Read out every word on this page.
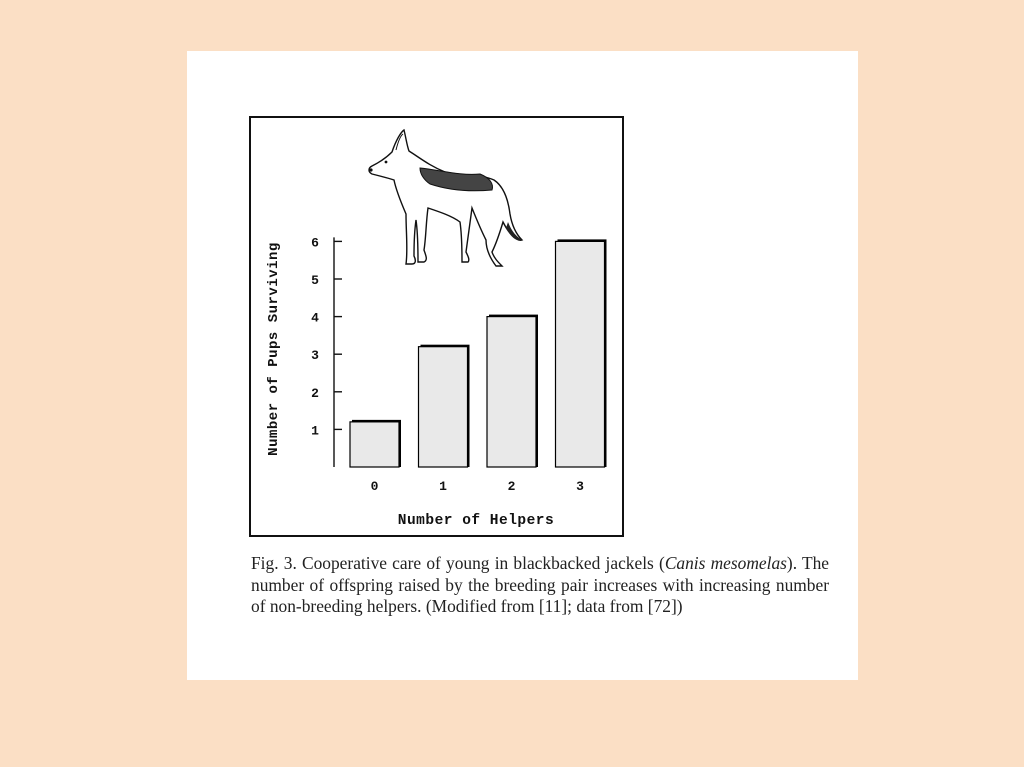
1
2
3
4
5
6
0	1	2	3
Number of Helpers
Number of Pups Surviving
Fig. 3. Cooperative care of young in blackbacked jackels (Canis mesomelas). The number of offspring raised by the breeding pair increases with increasing number of non-breeding helpers. (Modified from [11]; data from [72])
